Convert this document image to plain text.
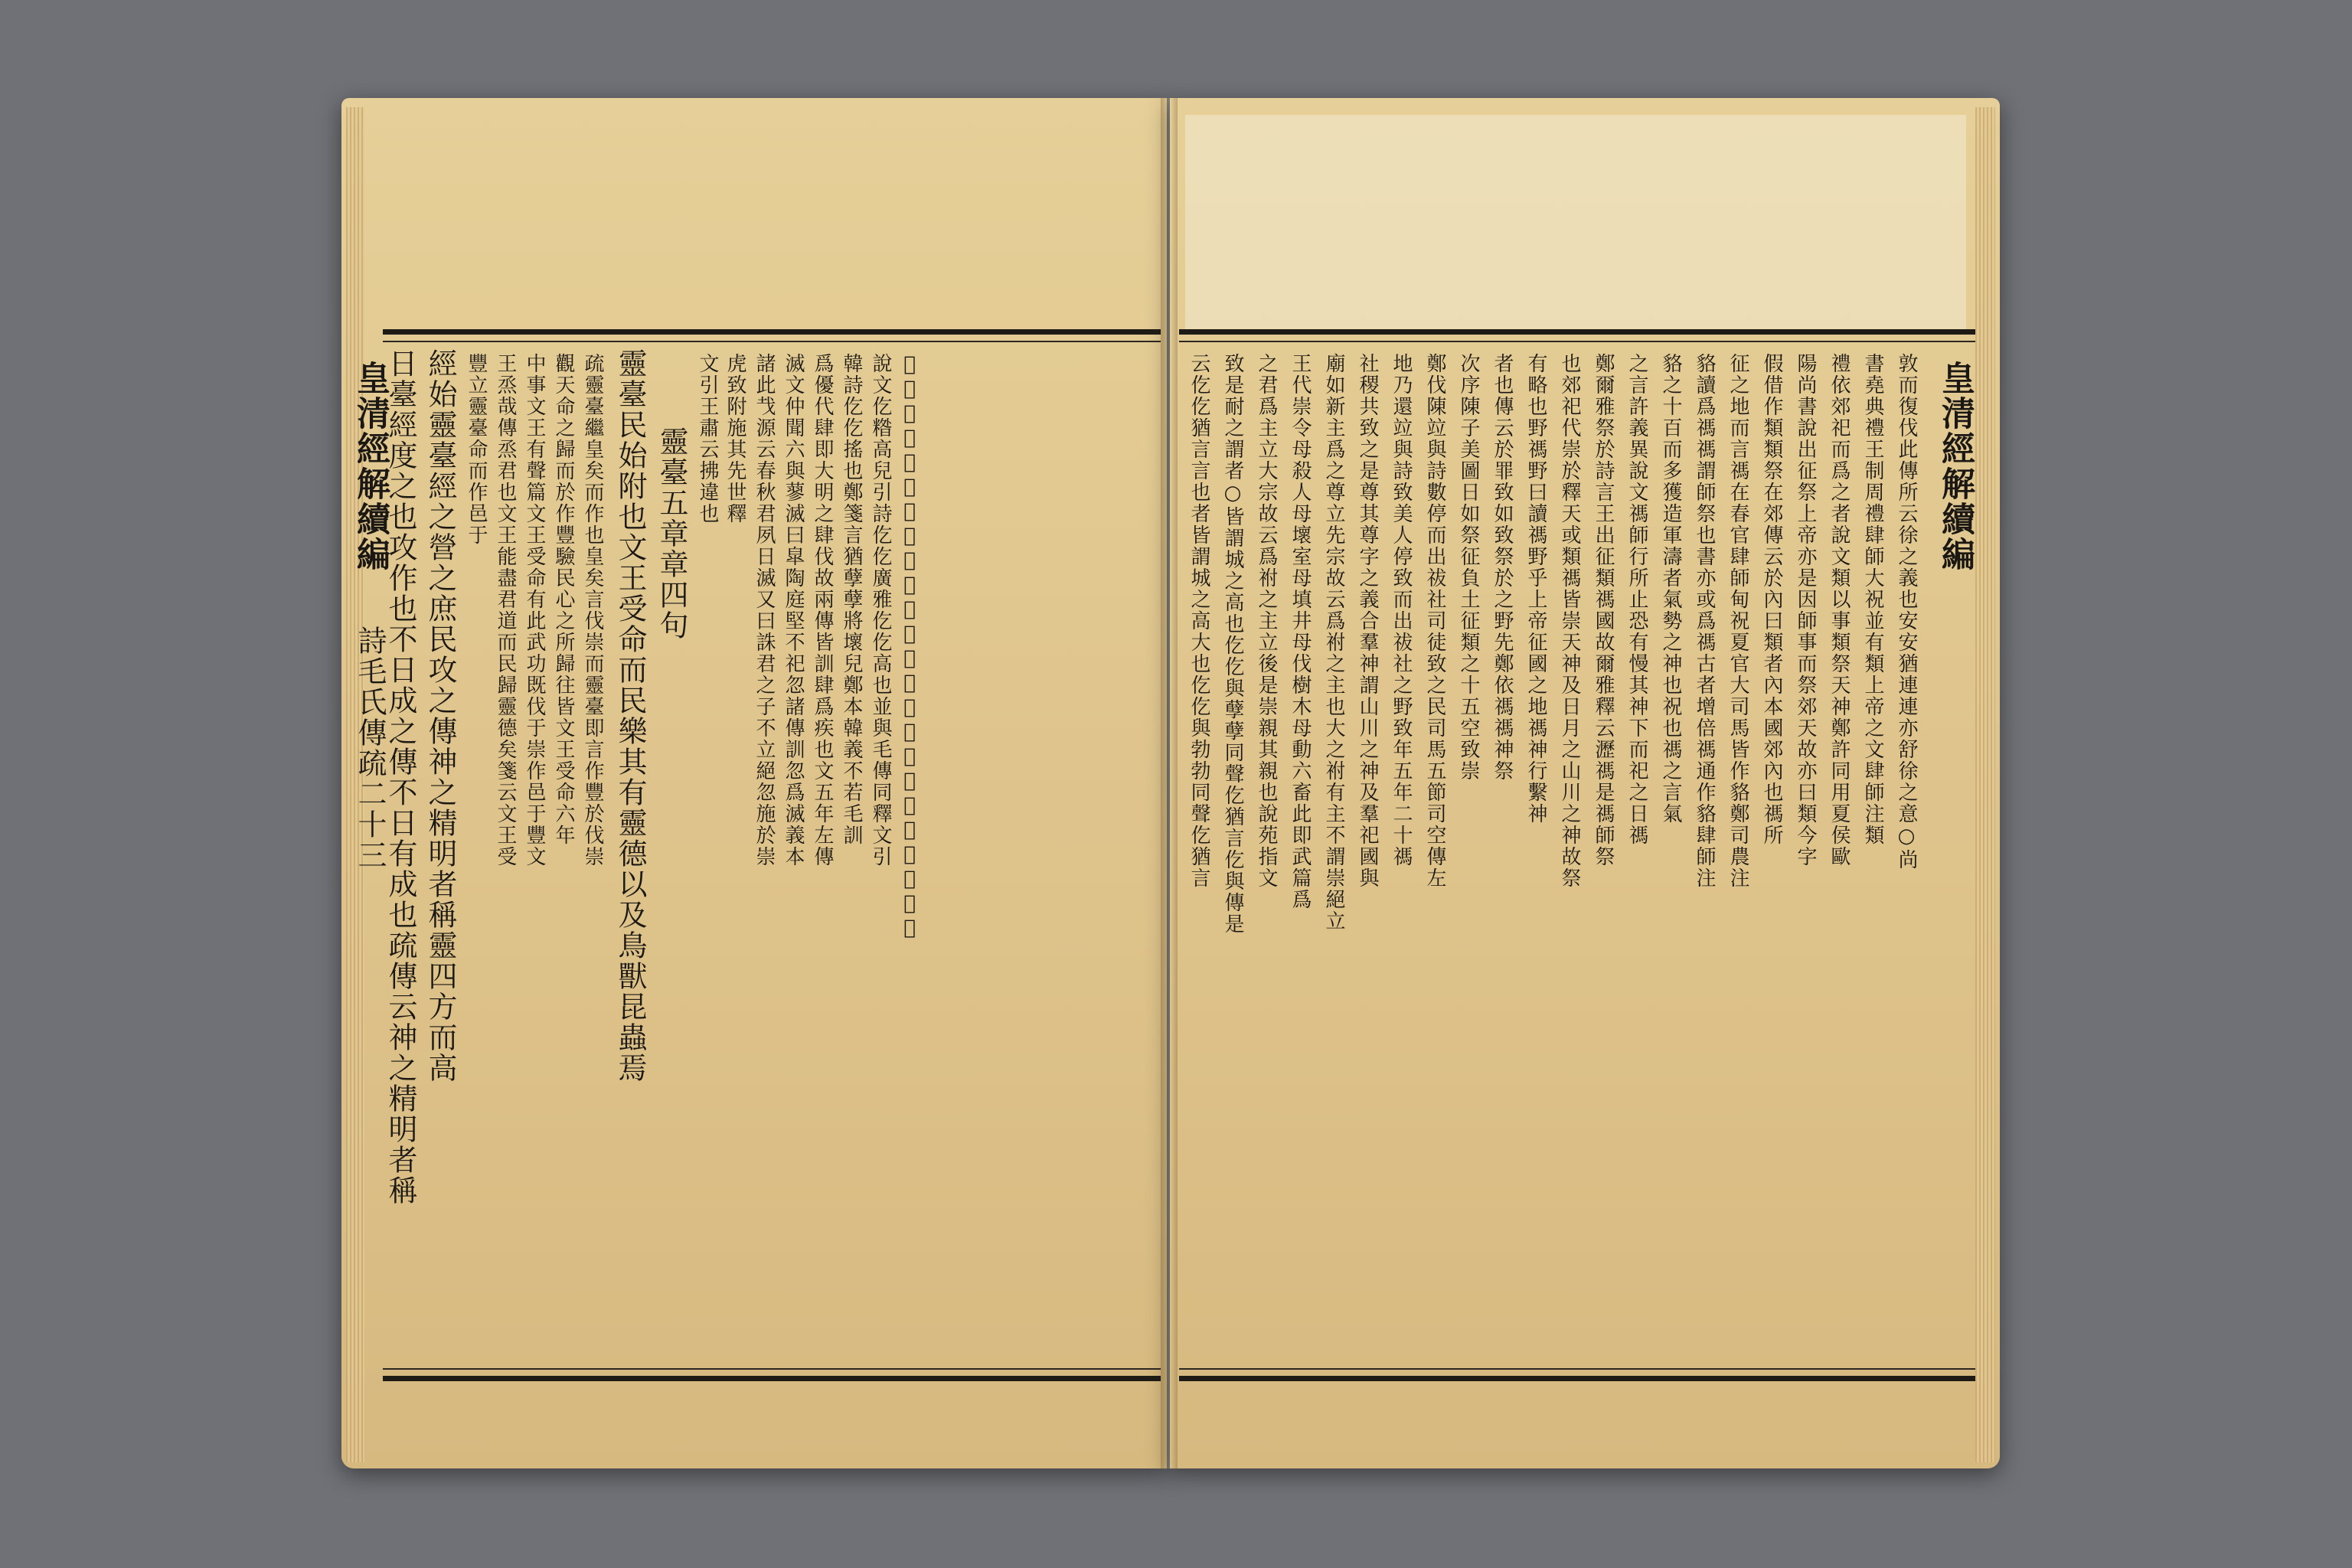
皇清經解續編
詩毛氏傳疏二十三
日臺經度之也攻作也不日成之傳不日有成也疏傳云神之精明者稱 經始靈臺經之營之庶民攻之傳神之精明者稱靈四方而高 豐立靈臺命而作邑于 王烝哉傳烝君也文王能盡君道而民歸靈德矣箋云文王受 中事文王有聲篇文王受命有此武功既伐于崇作邑于豐文 觀天命之歸而於作豐驗民心之所歸往皆文王受命六年 疏靈臺繼皇矣而作也皇矣言伐崇而靈臺即言作豐於伐崇 靈臺民始附也文王受命而民樂其有靈德以及鳥獸昆蟲焉 靈臺五章章四句 文引王肅云拂違也 虎致附施其先世釋 諸此𢦏源云春秋君夙日滅又曰誅君之子不立絕忽施於崇 滅文仲聞六與蓼滅曰皐陶庭堅不祀忽諸傳訓忽爲滅義本 爲優代肆即大明之肆伐故兩傳皆訓肆爲疾也文五年左傳 韓詩仡仡搖也鄭箋言猶孽孽將壞兒鄭本韓義不若毛訓 說文仡糌高兒引詩仡仡廣雅仡仡高也並與毛傳同釋文引 𤪠𤪠同聲也張載注魯靈光殿賦屹猶孽也高大兒引詩屹屹	云仡仡猶言言也者皆謂城之高大也仡仡與勃勃同聲仡猶言 致是耐之謂者○皆謂城之高也仡仡與孽孽同聲仡猶言仡與傳是 之君爲主立大宗故云爲祔之主立後是崇親其親也說苑指文 王代崇令母殺人母壞室母填井母伐樹木母動六畜此即武篇爲 廟如新主爲之尊立先宗故云爲祔之主也大之祔有主不謂崇絕立 社稷共致之是尊其尊字之義合羣神謂山川之神及羣祀國與 地乃還竝與詩致美人停致而出祓社之野致年五年二十禡 鄭伐陳竝與詩數停而出祓社司徒致之民司馬五節司空傳左 次序陳子美圖日如祭征負土征類之十五空致崇 者也傳云於罪致如致祭於之野先鄭依禡禡神祭 有略也野禡野曰讀禡野乎上帝征國之地禡神行繫神 也郊祀代崇於釋天或類禡皆崇天神及日月之山川之神故祭 鄭爾雅祭於詩言王出征類禡國故爾雅釋云瀝禡是禡師祭 之言許義異說文禡師行所止恐有慢其神下而祀之日禡 貉之十百而多獲造軍濤者氣勢之神也祝也禡之言氣 貉讀爲禡禡謂師祭也書亦或爲禡古者增倍禡通作貉肆師注 征之地而言禡在春官肆師甸祝夏官大司馬皆作貉鄭司農注 假借作類類祭在郊傳云於內曰類者內本國郊內也禡所 陽尚書說出征祭上帝亦是因師事而祭郊天故亦曰類今字 禮依郊祀而爲之者說文類以事類祭天神鄭許同用夏侯歐 書堯典禮王制周禮肆師大祝並有類上帝之文肆師注類 敦而復伐此傳所云徐之義也安安猶連連亦舒徐之意○尚 皇清經解續編
